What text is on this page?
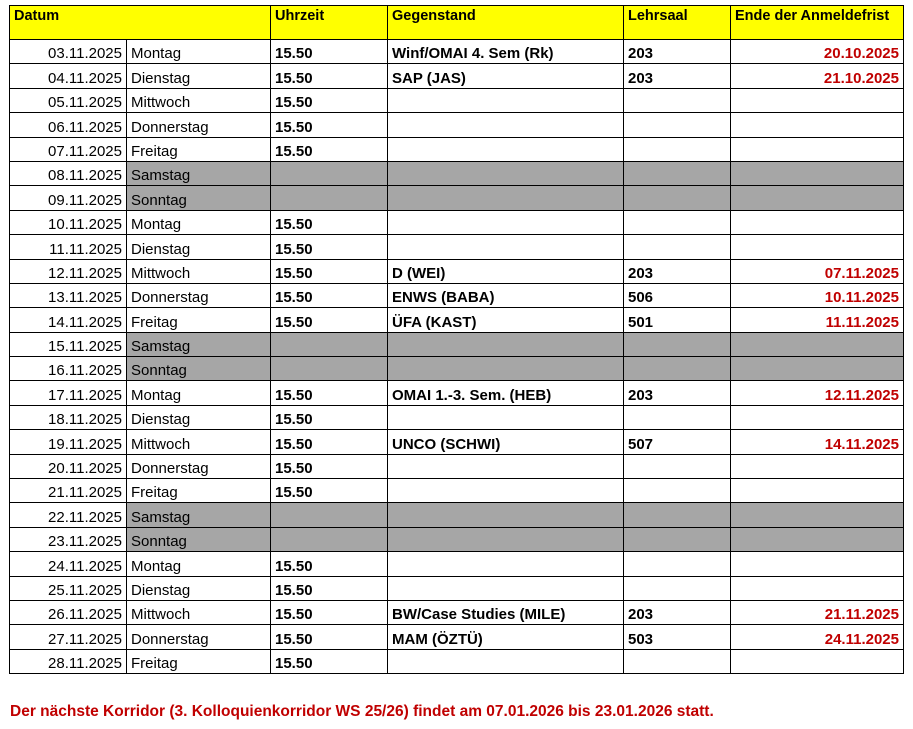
Datum		Uhrzeit	Gegenstand	Lehrsaal	Ende der Anmeldefrist
03.11.2025	Montag	15.50	Winf/OMAI 4. Sem (Rk)	203	20.10.2025
04.11.2025	Dienstag	15.50	SAP (JAS)	203	21.10.2025
05.11.2025	Mittwoch	15.50			
06.11.2025	Donnerstag	15.50			
07.11.2025	Freitag	15.50			
08.11.2025	Samstag				
09.11.2025	Sonntag				
10.11.2025	Montag	15.50			
11.11.2025	Dienstag	15.50			
12.11.2025	Mittwoch	15.50	D (WEI)	203	07.11.2025
13.11.2025	Donnerstag	15.50	ENWS (BABA)	506	10.11.2025
14.11.2025	Freitag	15.50	ÜFA (KAST)	501	11.11.2025
15.11.2025	Samstag				
16.11.2025	Sonntag				
17.11.2025	Montag	15.50	OMAI 1.-3. Sem. (HEB)	203	12.11.2025
18.11.2025	Dienstag	15.50			
19.11.2025	Mittwoch	15.50	UNCO (SCHWI)	507	14.11.2025
20.11.2025	Donnerstag	15.50			
21.11.2025	Freitag	15.50			
22.11.2025	Samstag				
23.11.2025	Sonntag				
24.11.2025	Montag	15.50			
25.11.2025	Dienstag	15.50			
26.11.2025	Mittwoch	15.50	BW/Case Studies (MILE)	203	21.11.2025
27.11.2025	Donnerstag	15.50	MAM (ÖZTÜ)	503	24.11.2025
28.11.2025	Freitag	15.50			

Der nächste Korridor (3. Kolloquienkorridor WS 25/26) findet am 07.01.2026 bis 23.01.2026 statt.
